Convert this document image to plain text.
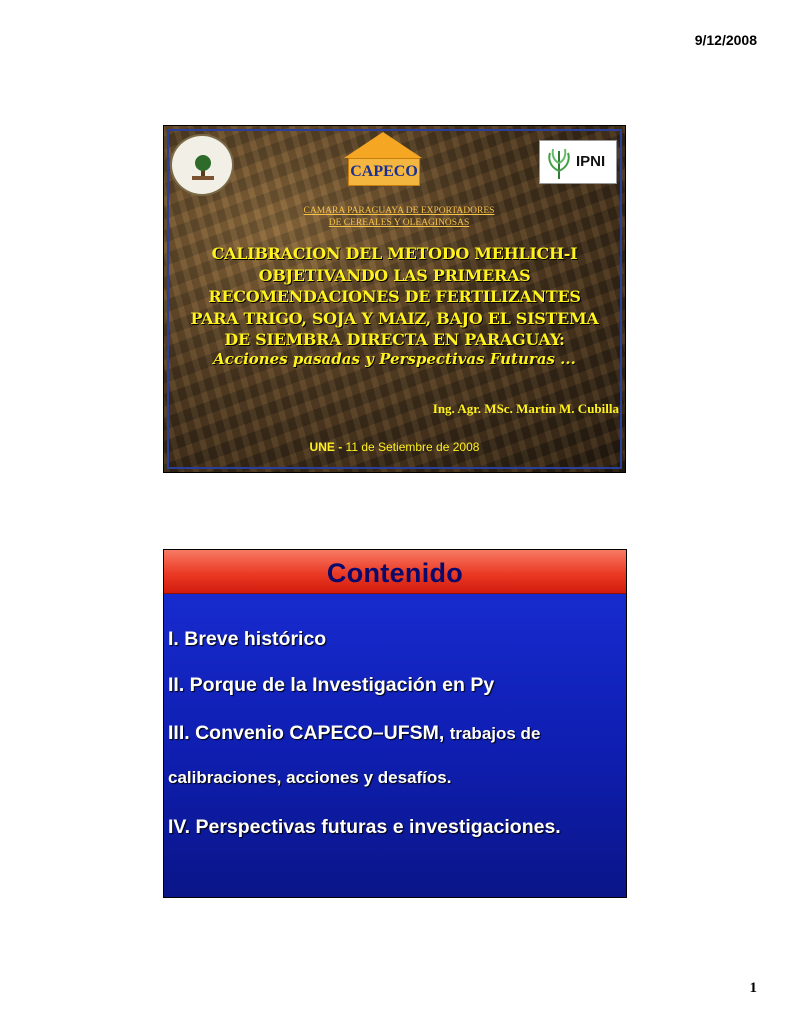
9/12/2008
CAPECO
IPNI
CAMARA PARAGUAYA DE EXPORTADORES
DE CEREALES Y OLEAGINOSAS
CALIBRACION DEL METODO MEHLICH-I
OBJETIVANDO LAS PRIMERAS
RECOMENDACIONES DE FERTILIZANTES
PARA TRIGO, SOJA Y MAIZ, BAJO EL SISTEMA
DE SIEMBRA DIRECTA EN PARAGUAY:
Acciones pasadas y Perspectivas Futuras ...
Ing. Agr. MSc. Martín M. Cubilla
UNE - 11 de Setiembre de 2008
Contenido
I. Breve histórico
II. Porque de la Investigación en Py
III. Convenio CAPECO–UFSM, trabajos de
calibraciones, acciones y desafíos.
IV. Perspectivas futuras e investigaciones.
1
